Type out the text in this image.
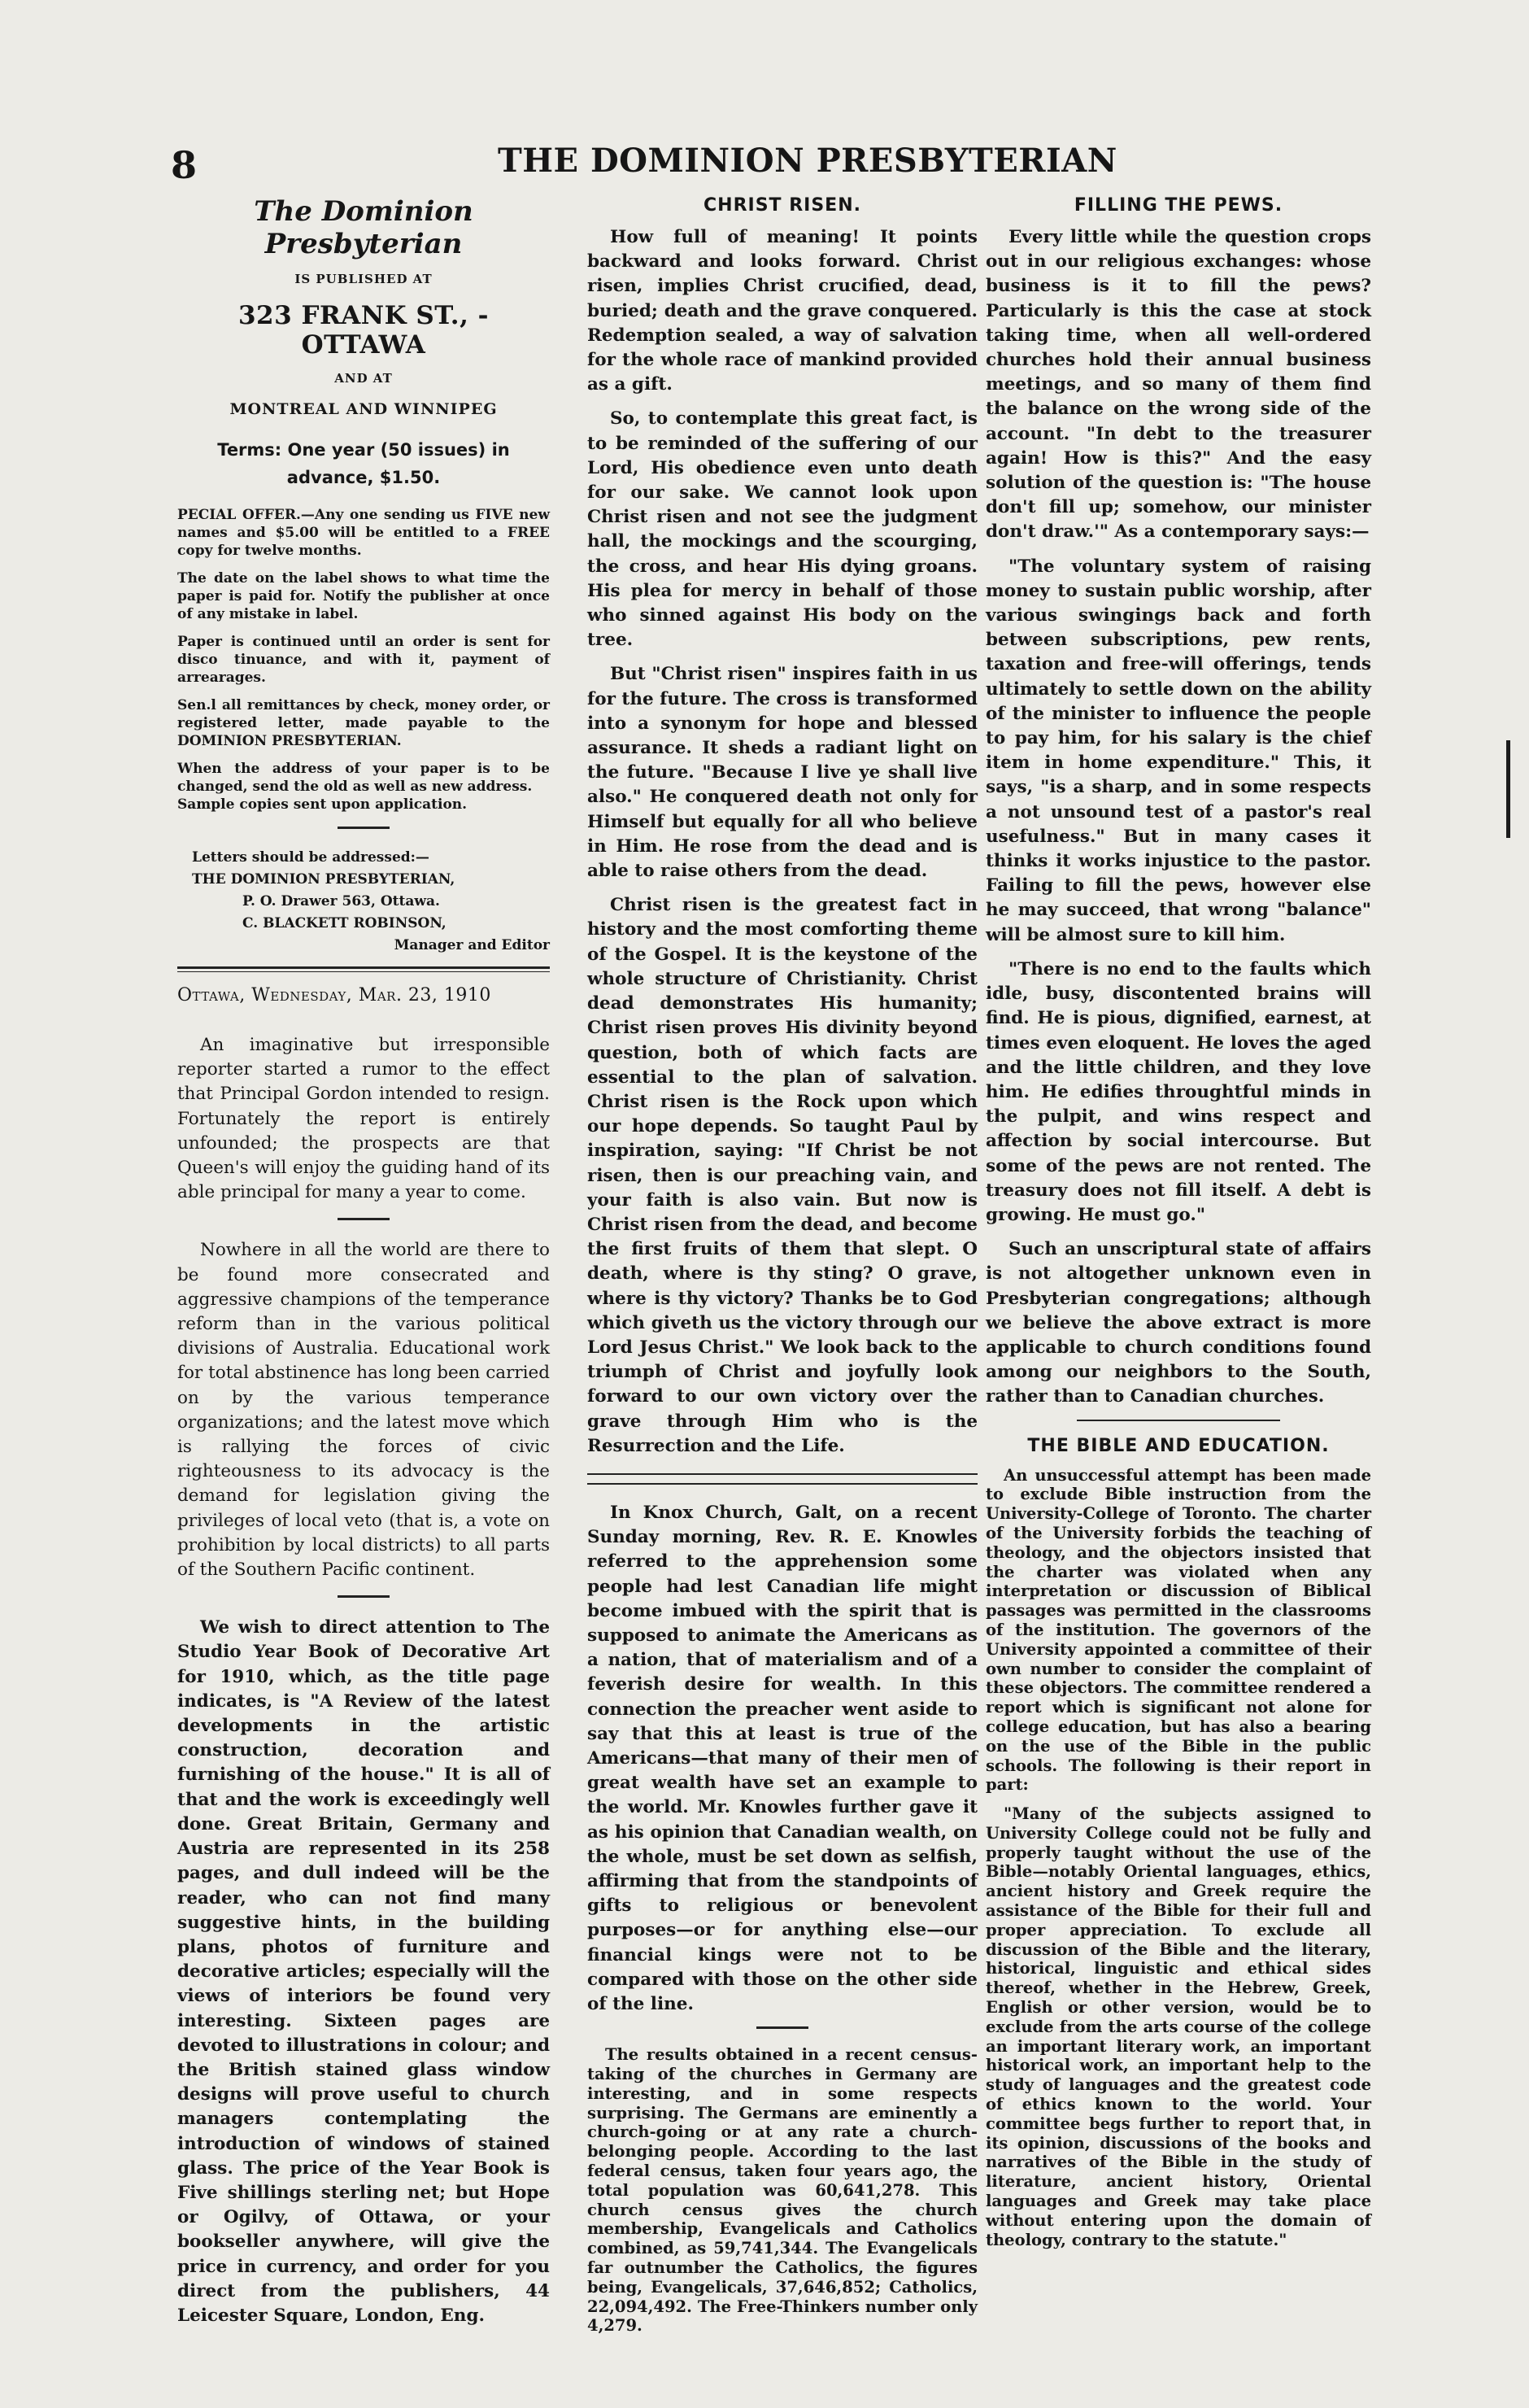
8	THE DOMINION PRESBYTERIAN
The Dominion Presbyterian
IS PUBLISHED AT
323 FRANK ST., - OTTAWA
AND AT
MONTREAL AND WINNIPEG
Terms: One year (50 issues) in
advance, $1.50.
PECIAL OFFER.—Any one sending us FIVE new names and $5.00 will be entitled to a FREE copy for twelve months.
The date on the label shows to what time the paper is paid for. Notify the publisher at once of any mistake in label.
Paper is continued until an order is sent for disco tinuance, and with it, payment of arrearages.
Sen.l all remittances by check, money order, or registered letter, made payable to the DOMINION PRESBYTERIAN.
When the address of your paper is to be changed, send the old as well as new address.
Sample copies sent upon application.
Letters should be addressed:—
THE DOMINION PRESBYTERIAN,
P. O. Drawer 563, Ottawa.
C. BLACKETT ROBINSON,
Manager and Editor
Ottawa, Wednesday, Mar. 23, 1910

An imaginative but irresponsible reporter started a rumor to the effect that Principal Gordon intended to resign. Fortunately the report is entirely unfounded; the prospects are that Queen's will enjoy the guiding hand of its able principal for many a year to come.

Nowhere in all the world are there to be found more consecrated and aggressive champions of the temperance reform than in the various political divisions of Australia. Educational work for total abstinence has long been carried on by the various temperance organizations; and the latest move which is rallying the forces of civic righteousness to its advocacy is the demand for legislation giving the privileges of local veto (that is, a vote on prohibition by local districts) to all parts of the Southern Pacific continent.

We wish to direct attention to The Studio Year Book of Decorative Art for 1910, which, as the title page indicates, is "A Review of the latest developments in the artistic construction, decoration and furnishing of the house." It is all of that and the work is exceedingly well done. Great Britain, Germany and Austria are represented in its 258 pages, and dull indeed will be the reader, who can not find many suggestive hints, in the building plans, photos of furniture and decorative articles; especially will the views of interiors be found very interesting. Sixteen pages are devoted to illustrations in colour; and the British stained glass window designs will prove useful to church managers contemplating the introduction of windows of stained glass. The price of the Year Book is Five shillings sterling net; but Hope or Ogilvy, of Ottawa, or your bookseller anywhere, will give the price in currency, and order for you direct from the publishers, 44 Leicester Square, London, Eng.

CHRIST RISEN.

How full of meaning! It points backward and looks forward. Christ risen, implies Christ crucified, dead, buried; death and the grave conquered. Redemption sealed, a way of salvation for the whole race of mankind provided as a gift.

So, to contemplate this great fact, is to be reminded of the suffering of our Lord, His obedience even unto death for our sake. We cannot look upon Christ risen and not see the judgment hall, the mockings and the scourging, the cross, and hear His dying groans. His plea for mercy in behalf of those who sinned against His body on the tree.

But "Christ risen" inspires faith in us for the future. The cross is transformed into a synonym for hope and blessed assurance. It sheds a radiant light on the future. "Because I live ye shall live also." He conquered death not only for Himself but equally for all who believe in Him. He rose from the dead and is able to raise others from the dead.

Christ risen is the greatest fact in history and the most comforting theme of the Gospel. It is the keystone of the whole structure of Christianity. Christ dead demonstrates His humanity; Christ risen proves His divinity beyond question, both of which facts are essential to the plan of salvation. Christ risen is the Rock upon which our hope depends. So taught Paul by inspiration, saying: "If Christ be not risen, then is our preaching vain, and your faith is also vain. But now is Christ risen from the dead, and become the first fruits of them that slept. O death, where is thy sting? O grave, where is thy victory? Thanks be to God which giveth us the victory through our Lord Jesus Christ." We look back to the triumph of Christ and joyfully look forward to our own victory over the grave through Him who is the Resurrection and the Life.

In Knox Church, Galt, on a recent Sunday morning, Rev. R. E. Knowles referred to the apprehension some people had lest Canadian life might become imbued with the spirit that is supposed to animate the Americans as a nation, that of materialism and of a feverish desire for wealth. In this connection the preacher went aside to say that this at least is true of the Americans—that many of their men of great wealth have set an example to the world. Mr. Knowles further gave it as his opinion that Canadian wealth, on the whole, must be set down as selfish, affirming that from the standpoints of gifts to religious or benevolent purposes—or for anything else—our financial kings were not to be compared with those on the other side of the line.

The results obtained in a recent census-taking of the churches in Germany are interesting, and in some respects surprising. The Germans are eminently a church-going or at any rate a church-belonging people. According to the last federal census, taken four years ago, the total population was 60,641,278. This church census gives the church membership, Evangelicals and Catholics combined, as 59,741,344. The Evangelicals far outnumber the Catholics, the figures being, Evangelicals, 37,646,852; Catholics, 22,094,492. The Free-Thinkers number only 4,279.

FILLING THE PEWS.

Every little while the question crops out in our religious exchanges: whose business is it to fill the pews? Particularly is this the case at stock taking time, when all well-ordered churches hold their annual business meetings, and so many of them find the balance on the wrong side of the account. "In debt to the treasurer again! How is this?" And the easy solution of the question is: "The house don't fill up; somehow, our minister don't draw.'" As a contemporary says:—

"The voluntary system of raising money to sustain public worship, after various swingings back and forth between subscriptions, pew rents, taxation and free-will offerings, tends ultimately to settle down on the ability of the minister to influence the people to pay him, for his salary is the chief item in home expenditure." This, it says, "is a sharp, and in some respects a not unsound test of a pastor's real usefulness." But in many cases it thinks it works injustice to the pastor. Failing to fill the pews, however else he may succeed, that wrong "balance" will be almost sure to kill him.

"There is no end to the faults which idle, busy, discontented brains will find. He is pious, dignified, earnest, at times even eloquent. He loves the aged and the little children, and they love him. He edifies throughtful minds in the pulpit, and wins respect and affection by social intercourse. But some of the pews are not rented. The treasury does not fill itself. A debt is growing. He must go."

Such an unscriptural state of affairs is not altogether unknown even in Presbyterian congregations; although we believe the above extract is more applicable to church conditions found among our neighbors to the South, rather than to Canadian churches.

THE BIBLE AND EDUCATION.

An unsuccessful attempt has been made to exclude Bible instruction from the University-College of Toronto. The charter of the University forbids the teaching of theology, and the objectors insisted that the charter was violated when any interpretation or discussion of Biblical passages was permitted in the classrooms of the institution. The governors of the University appointed a committee of their own number to consider the complaint of these objectors. The committee rendered a report which is significant not alone for college education, but has also a bearing on the use of the Bible in the public schools. The following is their report in part:

"Many of the subjects assigned to University College could not be fully and properly taught without the use of the Bible—notably Oriental languages, ethics, ancient history and Greek require the assistance of the Bible for their full and proper appreciation. To exclude all discussion of the Bible and the literary, historical, linguistic and ethical sides thereof, whether in the Hebrew, Greek, English or other version, would be to exclude from the arts course of the college an important literary work, an important historical work, an important help to the study of languages and the greatest code of ethics known to the world. Your committee begs further to report that, in its opinion, discussions of the books and narratives of the Bible in the study of literature, ancient history, Oriental languages and Greek may take place without entering upon the domain of theology, contrary to the statute."
